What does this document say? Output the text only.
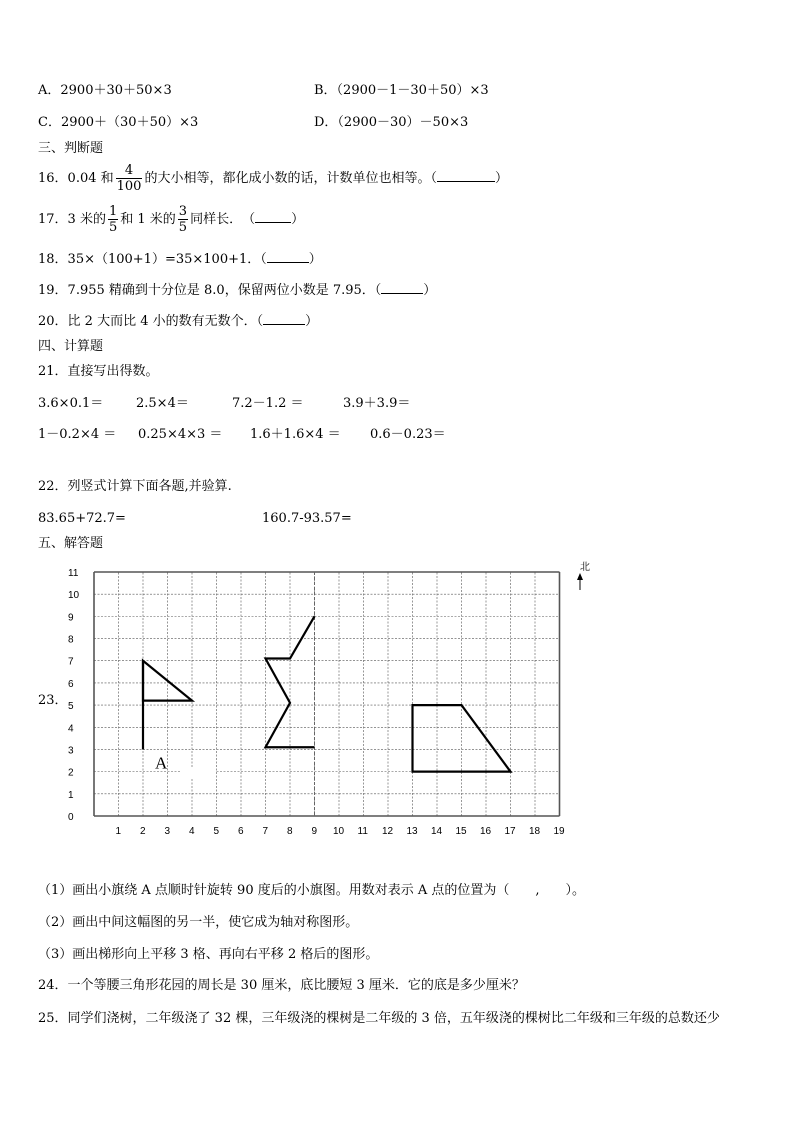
A．2900＋30＋50×3	B．（2900－1－30＋50）×3
C．2900＋（30＋50）×3	D．（2900－30）－50×3
三、判断题
16．0.04 和 $\frac{4}{100}$ 的大小相等，都化成小数的话，计数单位也相等。（	）
17．3 米的 $\frac{1}{5}$ 和 1 米的 $\frac{3}{5}$ 同样长．　（	）
18．35×（100+1）=35×100+1．（	）
19．7.955 精确到十分位是 8.0，保留两位小数是 7.95．（	）
20．比 2 大而比 4 小的数有无数个．（	）
四、计算题
21．直接写出得数。
3.6×0.1＝	2.5×4＝	7.2－1.2 ＝	3.9＋3.9＝
1－0.2×4 ＝ 0.25×4×3 ＝ 1.6＋1.6×4 ＝ 0.6－0.23＝
22．列竖式计算下面各题,并验算.
83.65+72.7=	160.7-93.57=
五、解答题
23．
0
1
2
3
4
5
6
7
8
9
10
11
1 2 3 4 5 6 7 8 9 10 11 12 13 14 15 16 17 18 19
A
北
（1）画出小旗绕 A 点顺时针旋转 90 度后的小旗图。用数对表示 A 点的位置为（　　,　　）。
（2）画出中间这幅图的另一半，使它成为轴对称图形。
（3）画出梯形向上平移 3 格、再向右平移 2 格后的图形。
24．一个等腰三角形花园的周长是 30 厘米，底比腰短 3 厘米．它的底是多少厘米？
25．同学们浇树，二年级浇了 32 棵，三年级浇的棵树是二年级的 3 倍，五年级浇的棵树比二年级和三年级的总数还少
